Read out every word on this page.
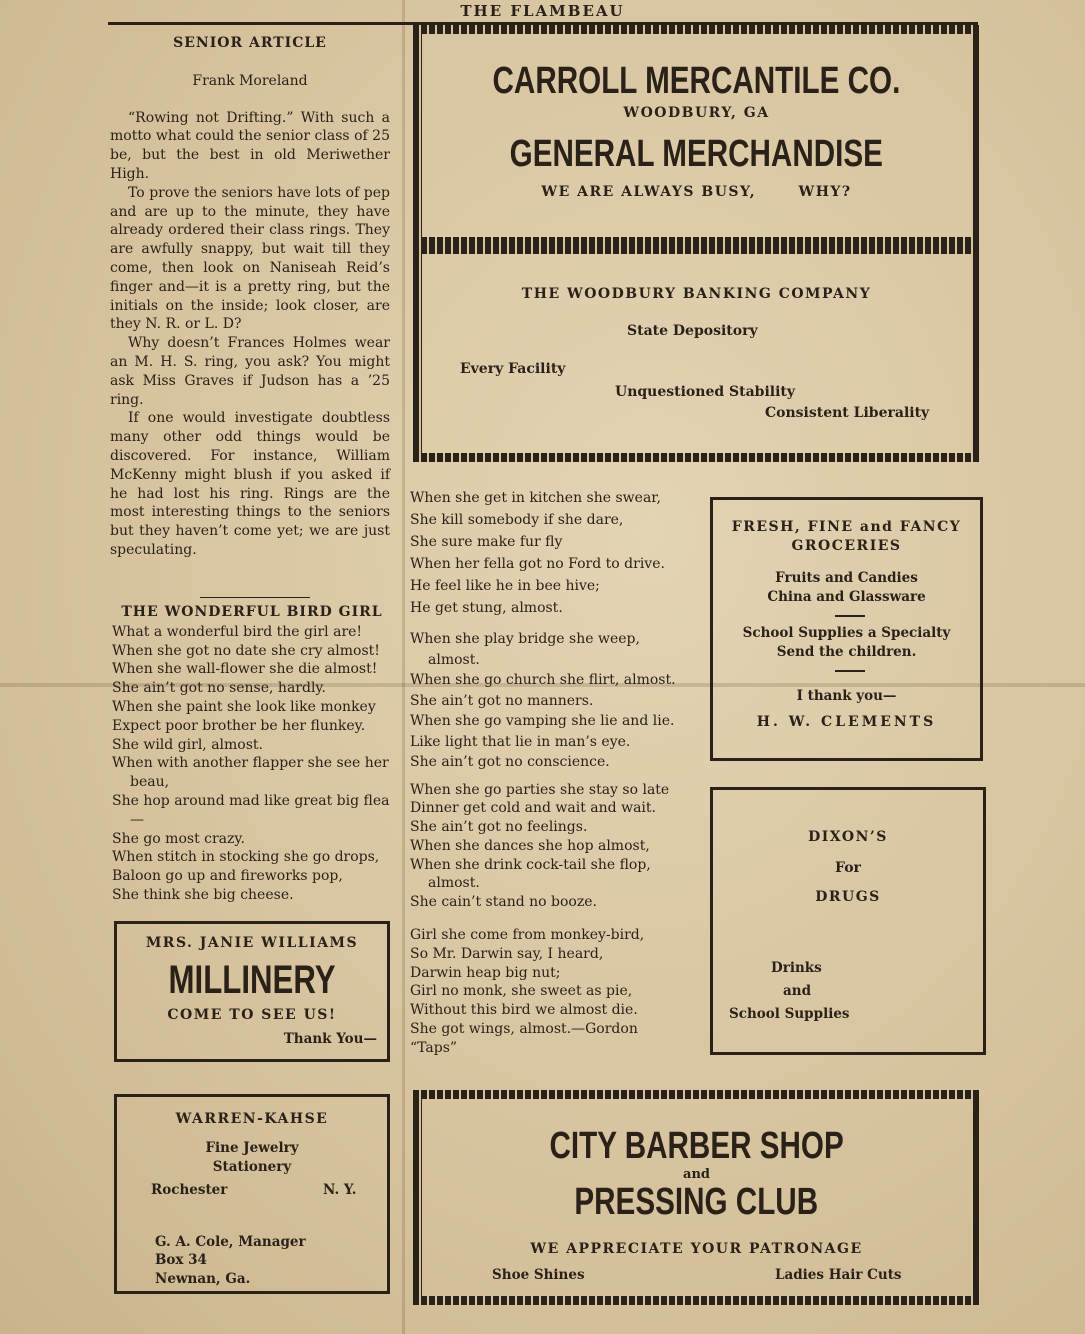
THE FLAMBEAU

SENIOR ARTICLE

Frank Moreland

“Rowing not Drifting.” With such a motto what could the senior class of 25 be, but the best in old Meriwether High.

To prove the seniors have lots of pep and are up to the minute, they have already ordered their class rings. They are awfully snappy, but wait till they come, then look on Naniseah Reid’s finger and—it is a pretty ring, but the initials on the inside; look closer, are they N. R. or L. D?

Why doesn’t Frances Holmes wear an M. H. S. ring, you ask? You might ask Miss Graves if Judson has a ’25 ring.

If one would investigate doubtless many other odd things would be discovered. For instance, William McKenny might blush if you asked if he had lost his ring. Rings are the most interesting things to the seniors but they haven’t come yet; we are just speculating.

THE WONDERFUL BIRD GIRL

What a wonderful bird the girl are!

When she got no date she cry almost!

When she wall-flower she die almost!

She ain’t got no sense, hardly.

When she paint she look like monkey

Expect poor brother be her flunkey.

She wild girl, almost.

When with another flapper she see her beau,

She hop around mad like great big flea—

She go most crazy.

When stitch in stocking she go drops,

Baloon go up and fireworks pop,

She think she big cheese.

When she get in kitchen she swear,

She kill somebody if she dare,

She sure make fur fly

When her fella got no Ford to drive.

He feel like he in bee hive;

He get stung, almost.

When she play bridge she weep, almost.

When she go church she flirt, almost.

She ain’t got no manners.

When she go vamping she lie and lie.

Like light that lie in man’s eye.

She ain’t got no conscience.

When she go parties she stay so late

Dinner get cold and wait and wait.

She ain’t got no feelings.

When she dances she hop almost,

When she drink cock-tail she flop, almost.

She cain’t stand no booze.

Girl she come from monkey-bird,

So Mr. Darwin say, I heard,

Darwin heap big nut;

Girl no monk, she sweet as pie,

Without this bird we almost die.

She got wings, almost.—Gordon

“Taps”

CARROLL MERCANTILE CO.
WOODBURY, GA
GENERAL MERCHANDISE
WE ARE ALWAYS BUSY,	WHY?
THE WOODBURY BANKING COMPANY
State Depository
Every Facility
Unquestioned Stability
Consistent Liberality
FRESH, FINE and FANCY
GROCERIES
Fruits and Candies
China and Glassware
School Supplies a Specialty
Send the children.
I thank you—
H. W. CLEMENTS
DIXON’S
For
DRUGS
Drinks
and
School Supplies
MRS. JANIE WILLIAMS
MILLINERY
COME TO SEE US!
Thank You—
WARREN-KAHSE
Fine Jewelry
Stationery
Rochester	N. Y.
G. A. Cole, Manager
Box 34
Newnan, Ga.
CITY BARBER SHOP
and
PRESSING CLUB
WE APPRECIATE YOUR PATRONAGE
Shoe Shines	Ladies Hair Cuts
